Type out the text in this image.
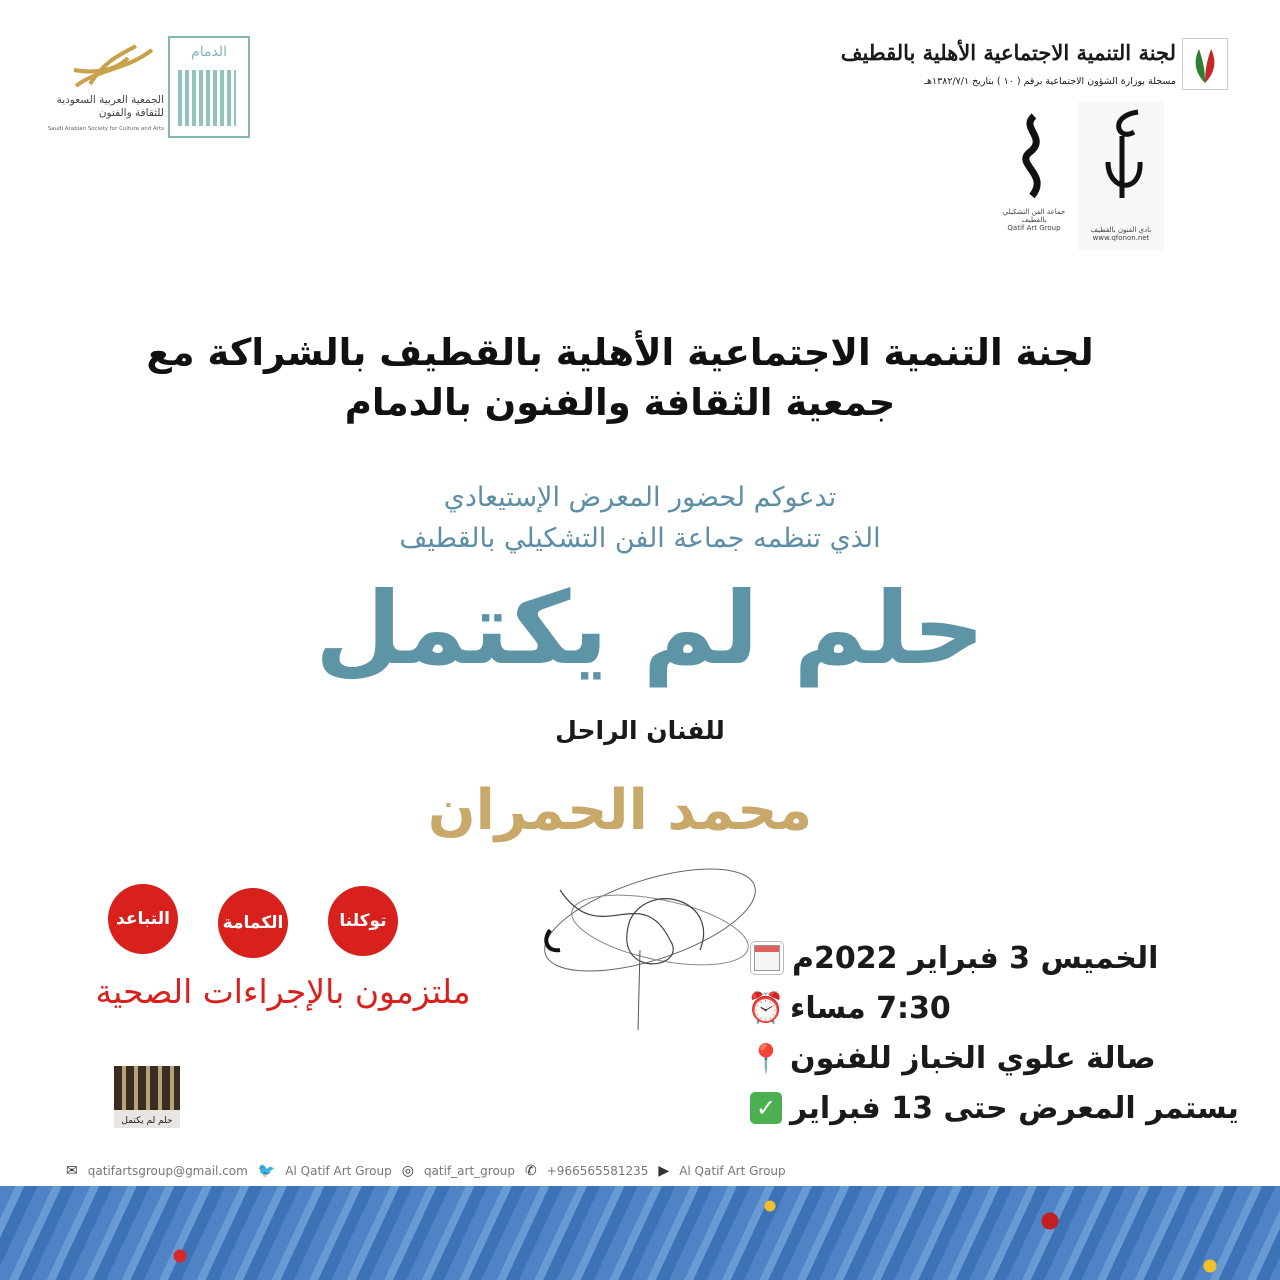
لجنة التنمية الاجتماعية الأهلية بالقطيف
مسجلة بوزارة الشؤون الاجتماعية برقم ( ١٠ ) بتاريخ ١٣٨٢/٧/١هـ
جماعة الفن التشكيلي بالقطيف
Qatif Art Group	نادي الفنون بالقطيف
www.qfonon.net
الجمعية العربية السعودية للثقافة والفنون
Saudi Arabian Society for Culture and Arts
الدمام
لجنة التنمية الاجتماعية الأهلية بالقطيف بالشراكة مع
جمعية الثقافة والفنون بالدمام
تدعوكم لحضور المعرض الإستيعادي
الذي تنظمه جماعة الفن التشكيلي بالقطيف
حلم لم يكتمل
للفنان الراحل
محمد الحمران
توكلنا
الكمامة
التباعد
ملتزمون بالإجراءات الصحية
الخميس 3 فبراير 2022م
⏰ 7:30 مساء
📍 صالة علوي الخباز للفنون
✓ يستمر المعرض حتى 13 فبراير
حلم لم يكتمل
✉ qatifartsgroup@gmail.com 🐦 Al Qatif Art Group ◎ qatif_art_group ✆ +966565581235 ▶ Al Qatif Art Group
